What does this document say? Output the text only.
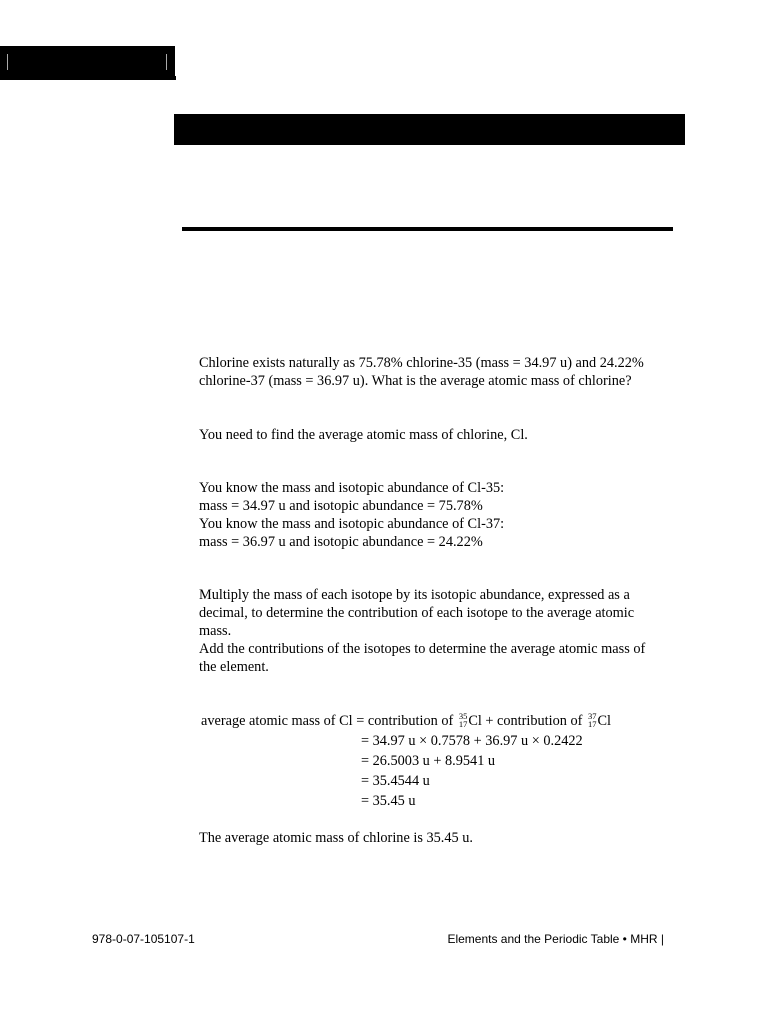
Chlorine exists naturally as 75.78% chlorine-35 (mass = 34.97 u) and 24.22%

chlorine-37 (mass = 36.97 u). What is the average atomic mass of chlorine?

You need to find the average atomic mass of chlorine, Cl.

You know the mass and isotopic abundance of Cl-35:

mass = 34.97 u and isotopic abundance = 75.78%

You know the mass and isotopic abundance of Cl-37:

mass = 36.97 u and isotopic abundance = 24.22%

Multiply the mass of each isotope by its isotopic abundance, expressed as a

decimal, to determine the contribution of each isotope to the average atomic

mass.

Add the contributions of the isotopes to determine the average atomic mass of

the element.

average atomic mass of Cl = contribution of 35
17 Cl + contribution of 37
17 Cl
= 34.97 u × 0.7578 + 36.97 u × 0.2422
= 26.5003 u + 8.9541 u
= 35.4544 u
= 35.45 u

The average atomic mass of chlorine is 35.45 u.

978-0-07-105107-1	Elements and the Periodic Table • MHR |
